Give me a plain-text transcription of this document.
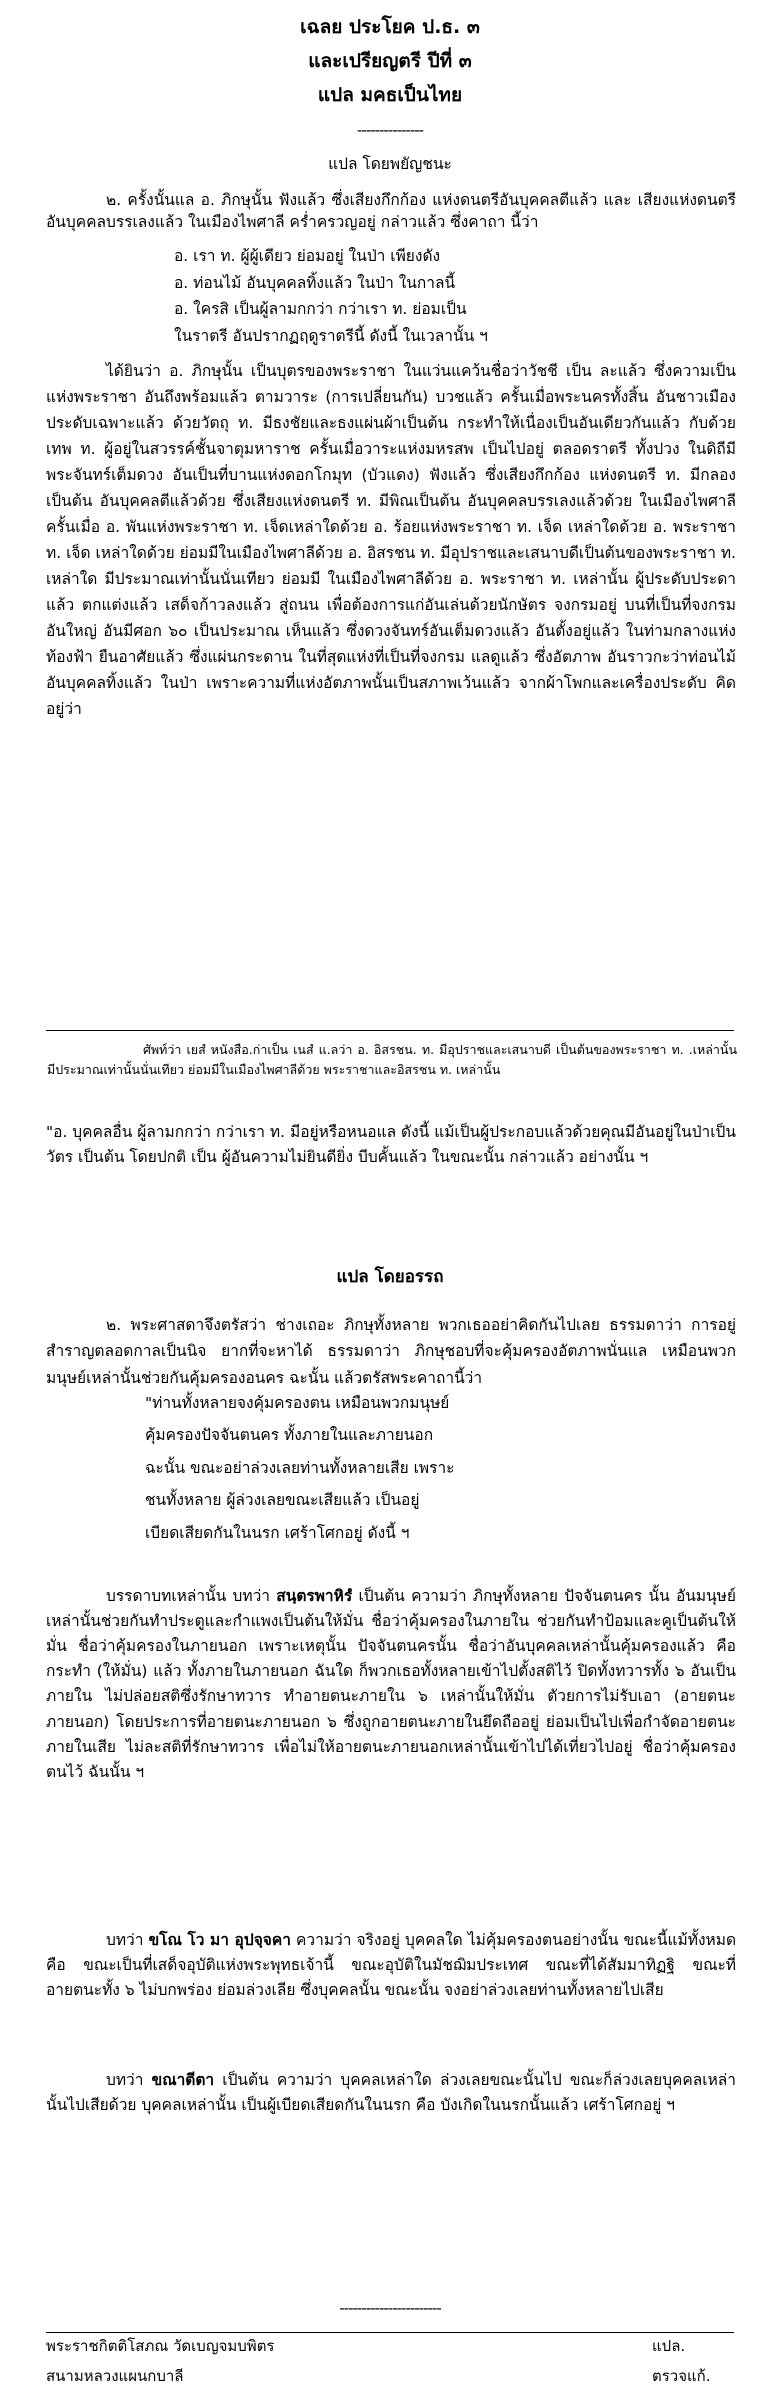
เฉลย ประโยค ป.ธ. ๓
และเปรียญตรี ปีที่ ๓
แปล มคธเป็นไทย
---------------
แปล โดยพยัญชนะ
๒. ครั้งนั้นแล อ. ภิกษุนั้น ฟังแล้ว ซึ่งเสียงกึกก้อง แห่งดนตรีอันบุคคลตีแล้ว และ เสียงแห่งดนตรีอันบุคคลบรรเลงแล้ว ในเมืองไพศาลี คร่ำครวญอยู่ กล่าวแล้ว ซึ่งคาถา นี้ว่า
อ. เรา ท. ผู้ผู้เดียว ย่อมอยู่ ในป่า เพียงดัง
อ. ท่อนไม้ อันบุคคลทิ้งแล้ว ในป่า ในกาลนี้
อ. ใครสิ เป็นผู้ลามกกว่า กว่าเรา ท. ย่อมเป็น
ในราตรี อันปรากฏฤดูราตรีนี้ ดังนี้ ในเวลานั้น ฯ
ได้ยินว่า อ. ภิกษุนั้น เป็นบุตรของพระราชา ในแว่นแคว้นชื่อว่าวัชชี เป็น ละแล้ว ซึ่งความเป็นแห่งพระราชา อันถึงพร้อมแล้ว ตามวาระ (การเปลี่ยนกัน) บวชแล้ว ครั้นเมื่อพระนครทั้งสิ้น อันชาวเมืองประดับเฉพาะแล้ว ด้วยวัตถุ ท. มีธงชัยและธงแผ่นผ้าเป็นต้น กระทำให้เนื่องเป็นอันเดียวกันแล้ว กับด้วยเทพ ท. ผู้อยู่ในสวรรค์ชั้นจาตุมหาราช ครั้นเมื่อวาระแห่งมหรสพ เป็นไปอยู่ ตลอดราตรี ทั้งปวง ในดิถีมีพระจันทร์เต็มดวง อันเป็นที่บานแห่งดอกโกมุท (บัวแดง) ฟังแล้ว ซึ่งเสียงกึกก้อง แห่งดนตรี ท. มีกลองเป็นต้น อันบุคคลตีแล้วด้วย ซึ่งเสียงแห่งดนตรี ท. มีพิณเป็นต้น อันบุคคลบรรเลงแล้วด้วย ในเมืองไพศาลี ครั้นเมื่อ อ. พันแห่งพระราชา ท. เจ็ดเหล่าใดด้วย อ. ร้อยแห่งพระราชา ท. เจ็ด เหล่าใดด้วย อ. พระราชา ท. เจ็ด เหล่าใดด้วย ย่อมมีในเมืองไพศาลีด้วย อ. อิสรชน ท. มีอุปราชและเสนาบดีเป็นต้นของพระราชา ท. เหล่าใด มีประมาณเท่านั้นนั่นเทียว ย่อมมี ในเมืองไพศาลีด้วย อ. พระราชา ท. เหล่านั้น ผู้ประดับประดาแล้ว ตกแต่งแล้ว เสด็จก้าวลงแล้ว สู่ถนน เพื่อต้องการแก่อันเล่นด้วยนักษัตร จงกรมอยู่ บนที่เป็นที่จงกรม อันใหญ่ อันมีศอก ๖๐ เป็นประมาณ เห็นแล้ว ซึ่งดวงจันทร์อันเต็มดวงแล้ว อันตั้งอยู่แล้ว ในท่ามกลางแห่งท้องฟ้า ยืนอาศัยแล้ว ซึ่งแผ่นกระดาน ในที่สุดแห่งที่เป็นที่จงกรม แลดูแล้ว ซึ่งอัตภาพ อันราวกะว่าท่อนไม้อันบุคคลทิ้งแล้ว ในป่า เพราะความที่แห่งอัตภาพนั้นเป็นสภาพเว้นแล้ว จากผ้าโพกและเครื่องประดับ คิดอยู่ว่า
ศัพท์ว่า เยสํ หนังสือ.ก่าเป็น เนสํ แ.ลว่า อ. อิสรชน. ท. มีอุปราชและเสนาบดี เป็นต้นของพระราชา ท. .เหล่านั้น มีประมาณเท่านั้นนั่นเทียว ย่อมมีในเมืองไพศาลีด้วย พระราชาและอิสรชน ท. เหล่านั้น
"อ. บุคคลอื่น ผู้ลามกกว่า กว่าเรา ท. มีอยู่หรือหนอแล ดังนี้ แม้เป็นผู้ประกอบแล้วด้วยคุณมีอันอยู่ในป่าเป็นวัตร เป็นต้น โดยปกติ เป็น ผู้อันความไม่ยินดียิ่ง บีบคั้นแล้ว ในขณะนั้น กล่าวแล้ว อย่างนั้น ฯ
แปล โดยอรรถ
๒. พระศาสดาจึงตรัสว่า ช่างเถอะ ภิกษุทั้งหลาย พวกเธออย่าคิดกันไปเลย ธรรมดาว่า การอยู่สำราญตลอดกาลเป็นนิจ ยากที่จะหาได้ ธรรมดาว่า ภิกษุชอบที่จะคุ้มครองอัตภาพนั่นแล เหมือนพวกมนุษย์เหล่านั้นช่วยกันคุ้มครองอนคร ฉะนั้น แล้วตรัสพระคาถานี้ว่า
"ท่านทั้งหลายจงคุ้มครองตน เหมือนพวกมนุษย์
คุ้มครองปัจจันตนคร ทั้งภายในและภายนอก
ฉะนั้น ขณะอย่าล่วงเลยท่านทั้งหลายเสีย เพราะ
ชนทั้งหลาย ผู้ล่วงเลยขณะเสียแล้ว เป็นอยู่
เบียดเสียดกันในนรก เศร้าโศกอยู่ ดังนี้ ฯ
บรรดาบทเหล่านั้น บทว่า สนฺตรพาหิรํ เป็นต้น ความว่า ภิกษุทั้งหลาย ปัจจันตนคร นั้น อันมนุษย์เหล่านั้นช่วยกันทำประตูและกำแพงเป็นต้นให้มั่น ชื่อว่าคุ้มครองในภายใน ช่วยกันทำป้อมและคูเป็นต้นให้มั่น ชื่อว่าคุ้มครองในภายนอก เพราะเหตุนั้น ปัจจันตนครนั้น ชื่อว่าอันบุคคลเหล่านั้นคุ้มครองแล้ว คือ กระทำ (ให้มั่น) แล้ว ทั้งภายในภายนอก ฉันใด ก็พวกเธอทั้งหลายเข้าไปตั้งสติไว้ ปิดทั้งทวารทั้ง ๖ อันเป็นภายใน ไม่ปล่อยสติซึ่งรักษาทวาร ทำอายตนะภายใน ๖ เหล่านั้นให้มั่น ตัวยการไม่รับเอา (อายตนะภายนอก) โดยประการที่อายตนะภายนอก ๖ ซึ่งถูกอายตนะภายในยึดถืออยู่ ย่อมเป็นไปเพื่อกำจัดอายตนะภายในเสีย ไม่ละสติที่รักษาทวาร เพื่อไม่ให้อายตนะภายนอกเหล่านั้นเข้าไปได้เที่ยวไปอยู่ ชื่อว่าคุ้มครองตนไว้ ฉันนั้น ฯ
บทว่า ขโณ โว มา อุปจฺจคา ความว่า จริงอยู่ บุคคลใด ไม่คุ้มครองตนอย่างนั้น ขณะนี้แม้ทั้งหมด คือ ขณะเป็นที่เสด็จอุบัติแห่งพระพุทธเจ้านี้ ขณะอุบัติในมัชฌิมประเทศ ขณะที่ได้สัมมาทิฏฐิ ขณะที่อายตนะทั้ง ๖ ไม่บกพร่อง ย่อมล่วงเลีย ซึ่งบุคคลนั้น ขณะนั้น จงอย่าล่วงเลยท่านทั้งหลายไปเสีย
บทว่า ขณาตีตา เป็นต้น ความว่า บุคคลเหล่าใด ล่วงเลยขณะนั้นไป ขณะก็ล่วงเลยบุคคลเหล่านั้นไปเสียด้วย บุคคลเหล่านั้น เป็นผู้เบียดเสียดกันในนรก คือ บังเกิดในนรกนั้นแล้ว เศร้าโศกอยู่ ฯ
-----------------------
พระราชกิตติโสภณ วัดเบญจมบพิตร	แปล.
สนามหลวงแผนกบาลี	ตรวจแก้.
